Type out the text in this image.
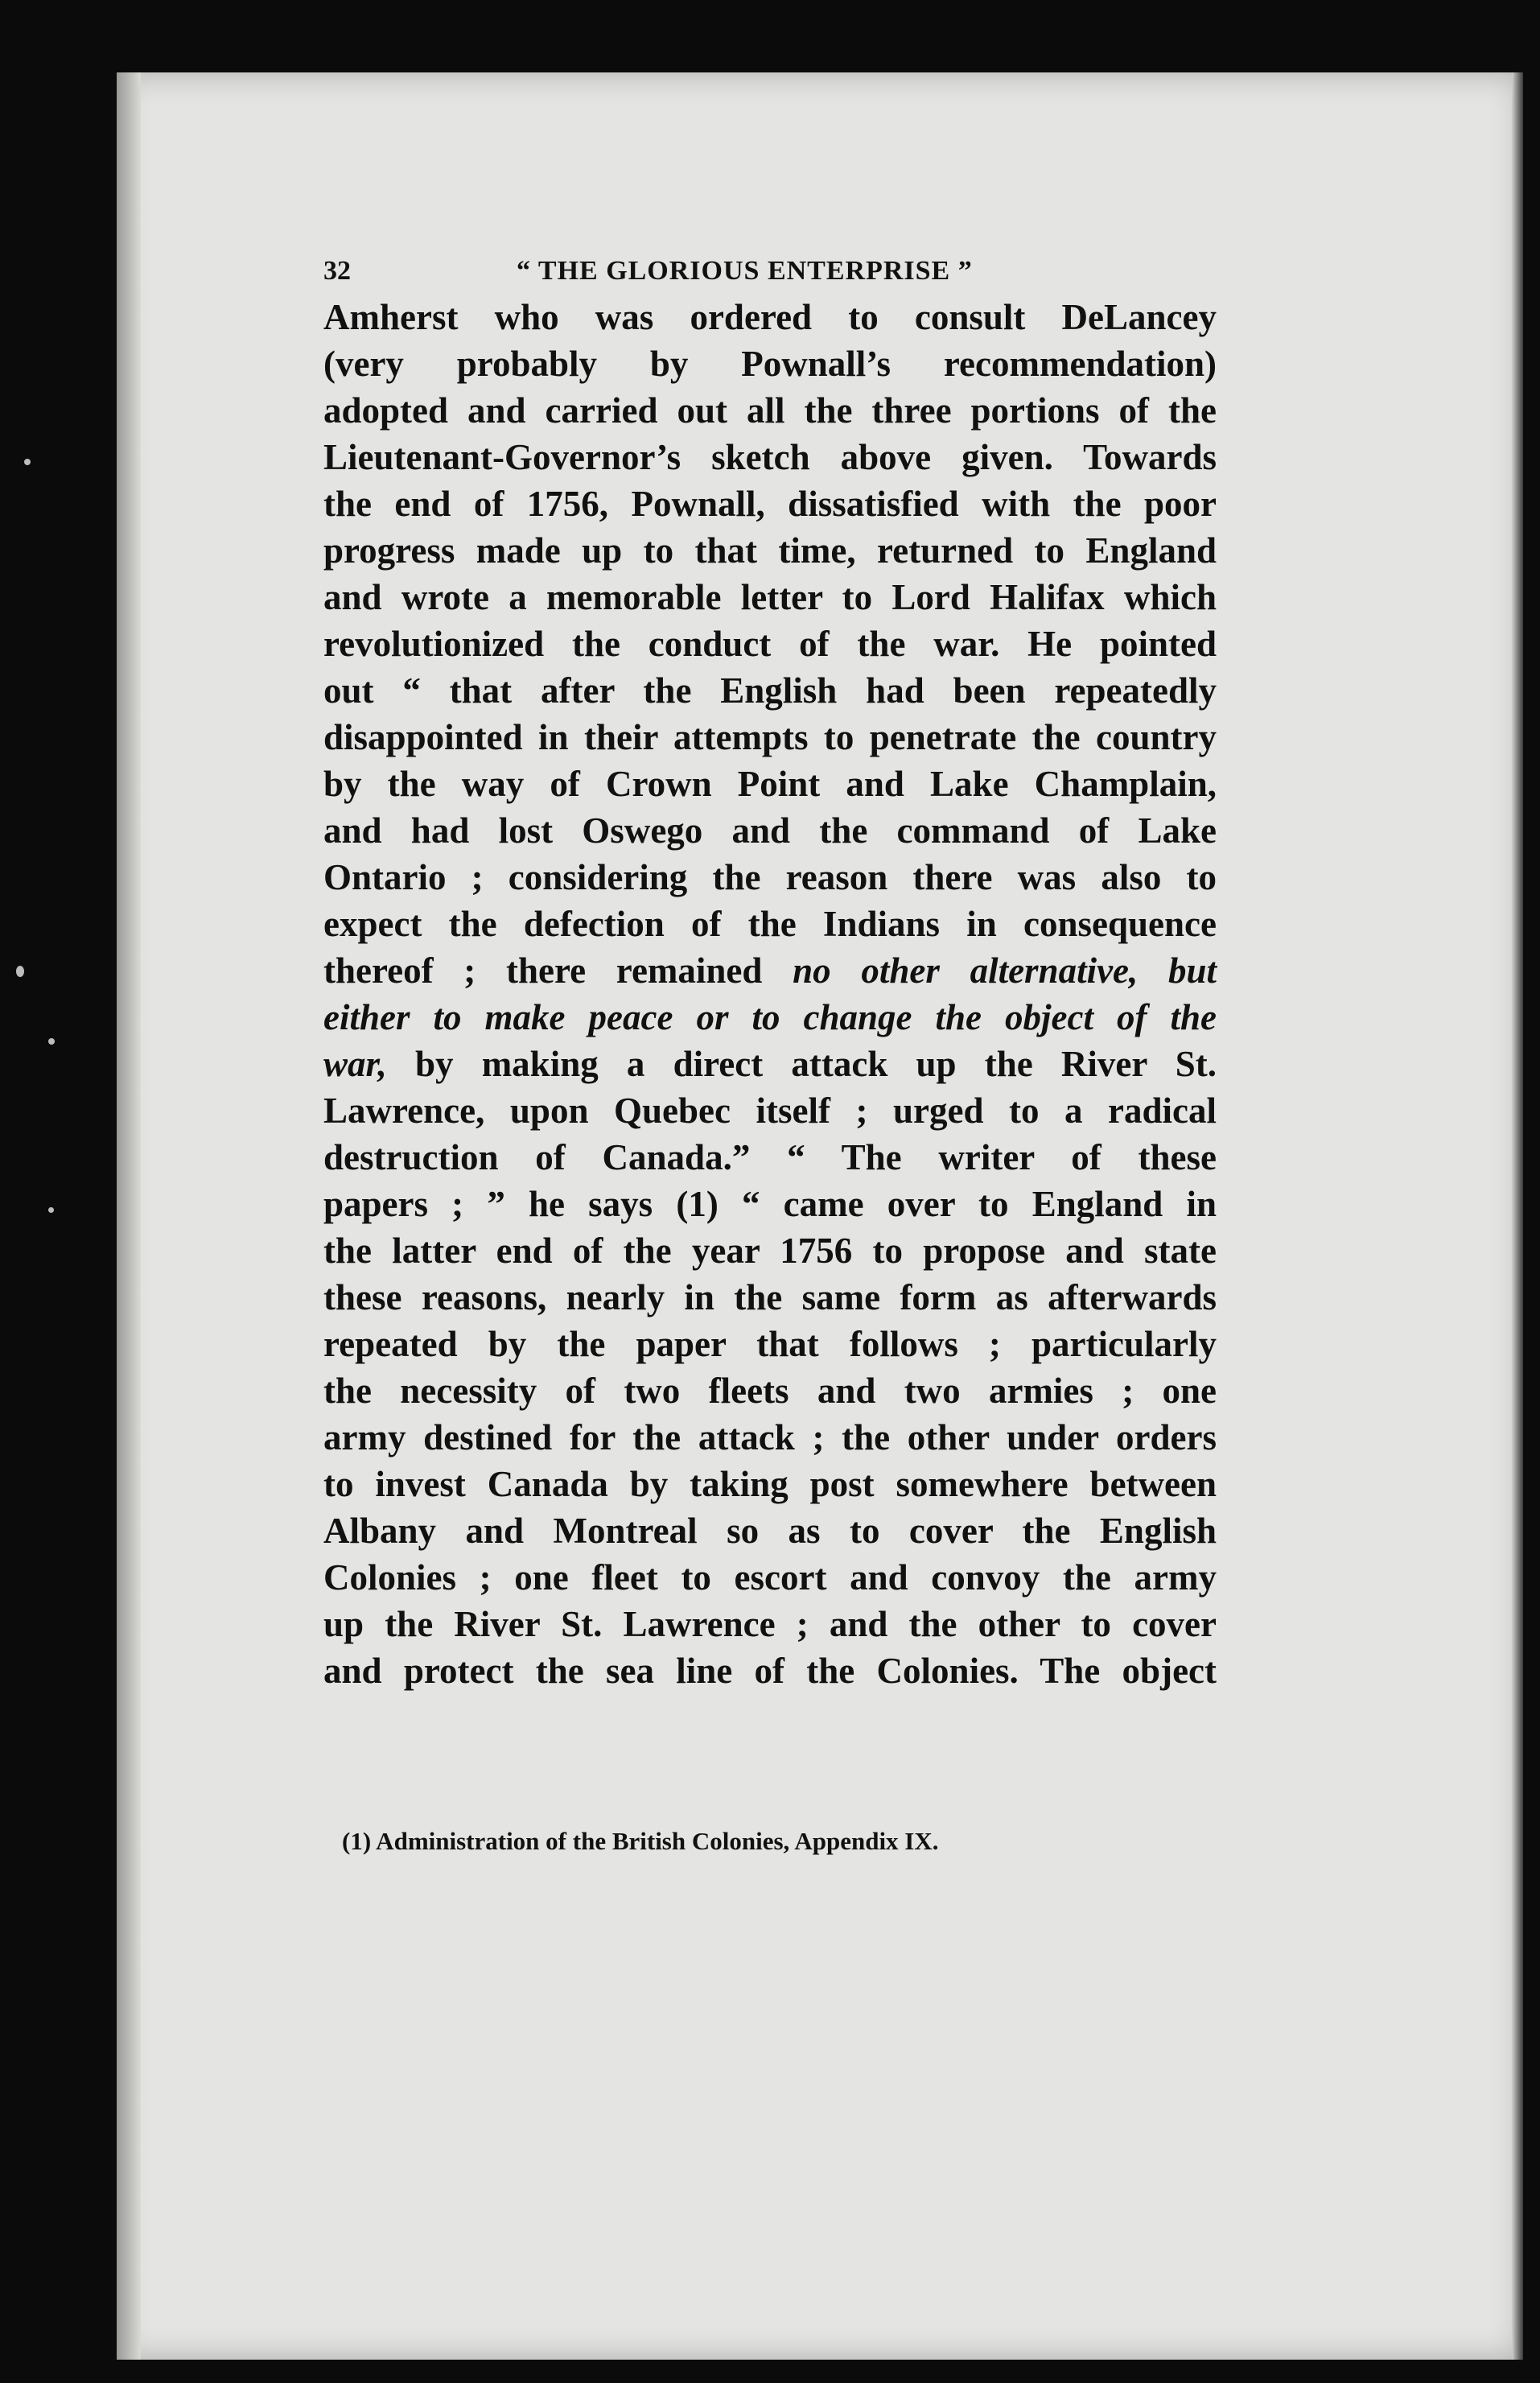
32	“ THE GLORIOUS ENTERPRISE ”
Amherst who was ordered to consult DeLancey
(very probably by Pownall’s recommendation)
adopted and carried out all the three portions of the
Lieutenant-Governor’s sketch above given. Towards
the end of 1756, Pownall, dissatisfied with the poor
progress made up to that time, returned to England
and wrote a memorable letter to Lord Halifax which
revolutionized the conduct of the war. He pointed
out “ that after the English had been repeatedly
disappointed in their attempts to penetrate the country
by the way of Crown Point and Lake Champlain,
and had lost Oswego and the command of Lake
Ontario ; considering the reason there was also to
expect the defection of the Indians in consequence
thereof ; there remained no other alternative, but
either to make peace or to change the object of the
war, by making a direct attack up the River St.
Lawrence, upon Quebec itself ; urged to a radical
destruction of Canada.” “ The writer of these
papers ; ” he says (1) “ came over to England in
the latter end of the year 1756 to propose and state
these reasons, nearly in the same form as afterwards
repeated by the paper that follows ; particularly
the necessity of two fleets and two armies ; one
army destined for the attack ; the other under orders
to invest Canada by taking post somewhere between
Albany and Montreal so as to cover the English
Colonies ; one fleet to escort and convoy the army
up the River St. Lawrence ; and the other to cover
and protect the sea line of the Colonies. The object
(1) Administration of the British Colonies, Appendix IX.
